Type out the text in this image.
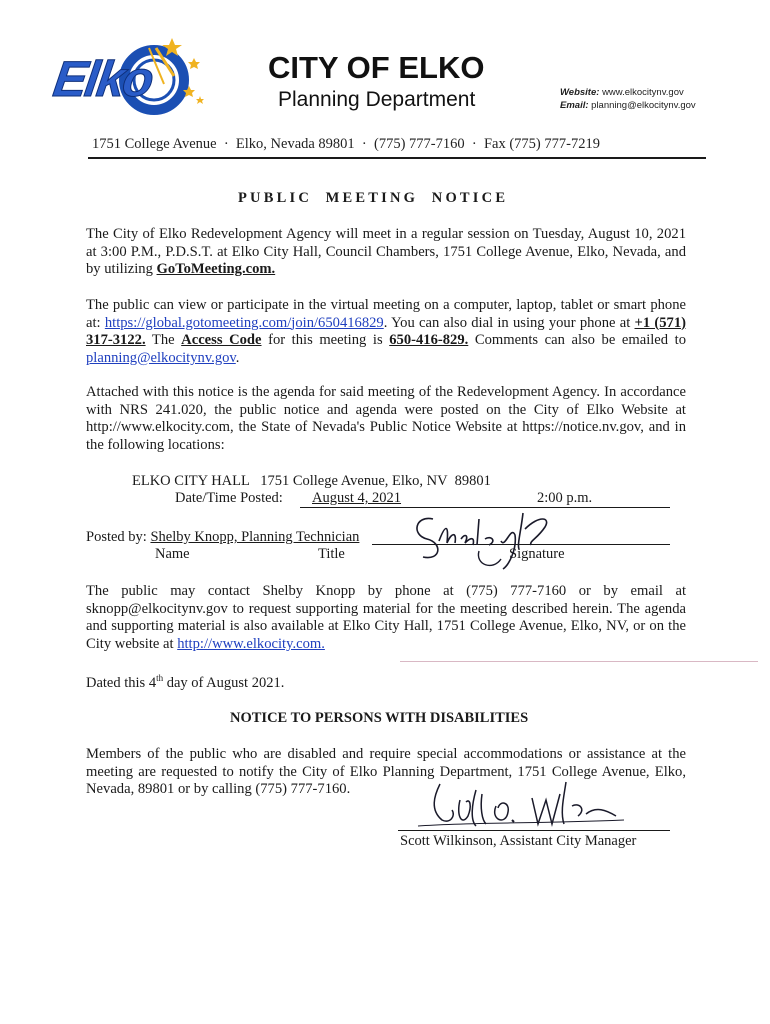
Elko	CITY OF ELKO
Planning Department	Website: www.elkocitynv.gov
Email: planning@elkocitynv.gov
1751 College Avenue  ·  Elko, Nevada 89801  ·  (775) 777-7160  ·  Fax (775) 777-7219
PUBLIC  MEETING  NOTICE
The City of Elko Redevelopment Agency will meet in a regular session on Tuesday, August 10, 2021 at 3:00 P.M., P.D.S.T. at Elko City Hall, Council Chambers, 1751 College Avenue, Elko, Nevada, and by utilizing GoToMeeting.com.
The public can view or participate in the virtual meeting on a computer, laptop, tablet or smart phone at: https://global.gotomeeting.com/join/650416829. You can also dial in using your phone at +1 (571) 317-3122. The Access Code for this meeting is 650-416-829. Comments can also be emailed to planning@elkocitynv.gov.
Attached with this notice is the agenda for said meeting of the Redevelopment Agency. In accordance with NRS 241.020, the public notice and agenda were posted on the City of Elko Website at http://www.elkocity.com, the State of Nevada's Public Notice Website at https://notice.nv.gov, and in the following locations:
ELKO CITY HALL   1751 College Avenue, Elko, NV  89801
Date/Time Posted: August 4, 2021	2:00 p.m.
Posted by: Shelby Knopp, Planning Technician
Name	Title	Signature
The public may contact Shelby Knopp by phone at (775) 777-7160 or by email at sknopp@elkocitynv.gov to request supporting material for the meeting described herein. The agenda and supporting material is also available at Elko City Hall, 1751 College Avenue, Elko, NV, or on the City website at http://www.elkocity.com.
Dated this 4th day of August 2021.
NOTICE TO PERSONS WITH DISABILITIES
Members of the public who are disabled and require special accommodations or assistance at the meeting are requested to notify the City of Elko Planning Department, 1751 College Avenue, Elko, Nevada, 89801 or by calling (775) 777-7160.
Scott Wilkinson, Assistant City Manager
